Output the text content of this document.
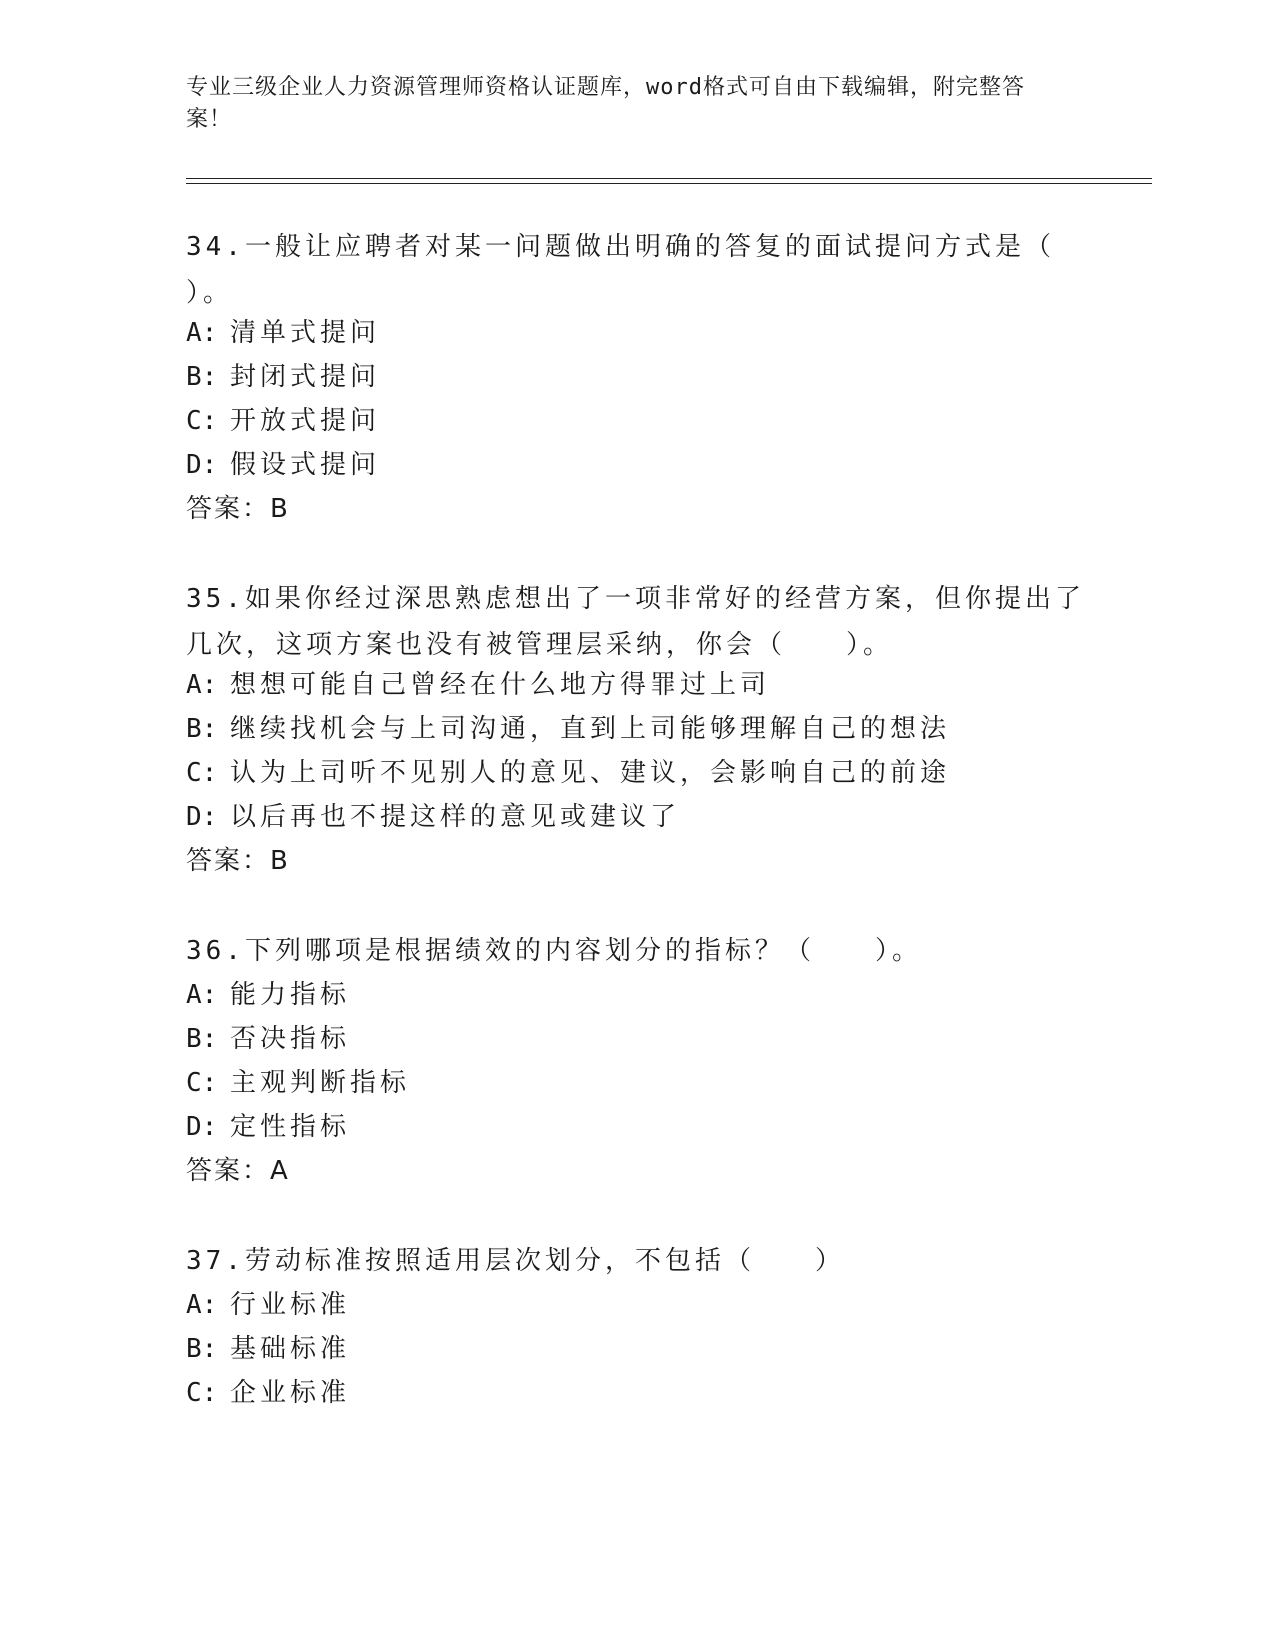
专业三级企业人力资源管理师资格认证题库，word格式可自由下载编辑，附完整答案！
34.一般让应聘者对某一问题做出明确的答复的面试提问方式是（ ）。
A: 清单式提问
B: 封闭式提问
C: 开放式提问
D: 假设式提问
答案：B
35.如果你经过深思熟虑想出了一项非常好的经营方案，但你提出了几次，这项方案也没有被管理层采纳，你会（　　）。
A: 想想可能自己曾经在什么地方得罪过上司
B: 继续找机会与上司沟通，直到上司能够理解自己的想法
C: 认为上司听不见别人的意见、建议，会影响自己的前途
D: 以后再也不提这样的意见或建议了
答案：B
36.下列哪项是根据绩效的内容划分的指标？（　　）。
A: 能力指标
B: 否决指标
C: 主观判断指标
D: 定性指标
答案：A
37.劳动标准按照适用层次划分，不包括（　　）
A: 行业标准
B: 基础标准
C: 企业标准
